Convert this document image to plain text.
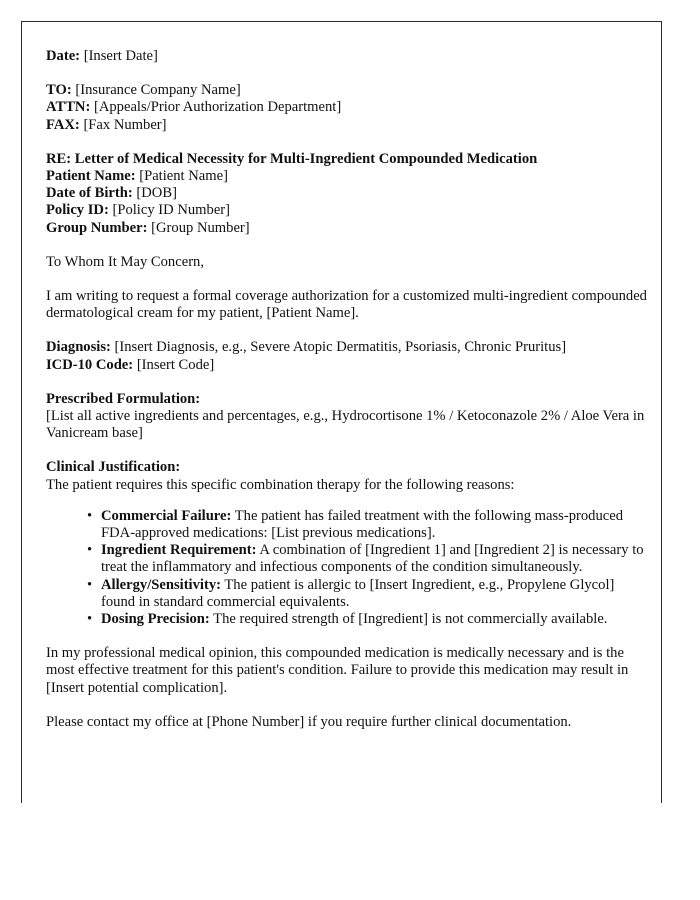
Date: [Insert Date]
TO: [Insurance Company Name]
ATTN: [Appeals/Prior Authorization Department]
FAX: [Fax Number]
RE: Letter of Medical Necessity for Multi-Ingredient Compounded Medication
Patient Name: [Patient Name]
Date of Birth: [DOB]
Policy ID: [Policy ID Number]
Group Number: [Group Number]
To Whom It May Concern,
I am writing to request a formal coverage authorization for a customized multi-ingredient compounded dermatological cream for my patient, [Patient Name].
Diagnosis: [Insert Diagnosis, e.g., Severe Atopic Dermatitis, Psoriasis, Chronic Pruritus]
ICD-10 Code: [Insert Code]
Prescribed Formulation:
[List all active ingredients and percentages, e.g., Hydrocortisone 1% / Ketoconazole 2% / Aloe Vera in Vanicream base]
Clinical Justification:
The patient requires this specific combination therapy for the following reasons:
• Commercial Failure: The patient has failed treatment with the following mass-produced FDA-approved medications: [List previous medications].
• Ingredient Requirement: A combination of [Ingredient 1] and [Ingredient 2] is necessary to treat the inflammatory and infectious components of the condition simultaneously.
• Allergy/Sensitivity: The patient is allergic to [Insert Ingredient, e.g., Propylene Glycol] found in standard commercial equivalents.
• Dosing Precision: The required strength of [Ingredient] is not commercially available.
In my professional medical opinion, this compounded medication is medically necessary and is the most effective treatment for this patient's condition. Failure to provide this medication may result in [Insert potential complication].
Please contact my office at [Phone Number] if you require further clinical documentation.
